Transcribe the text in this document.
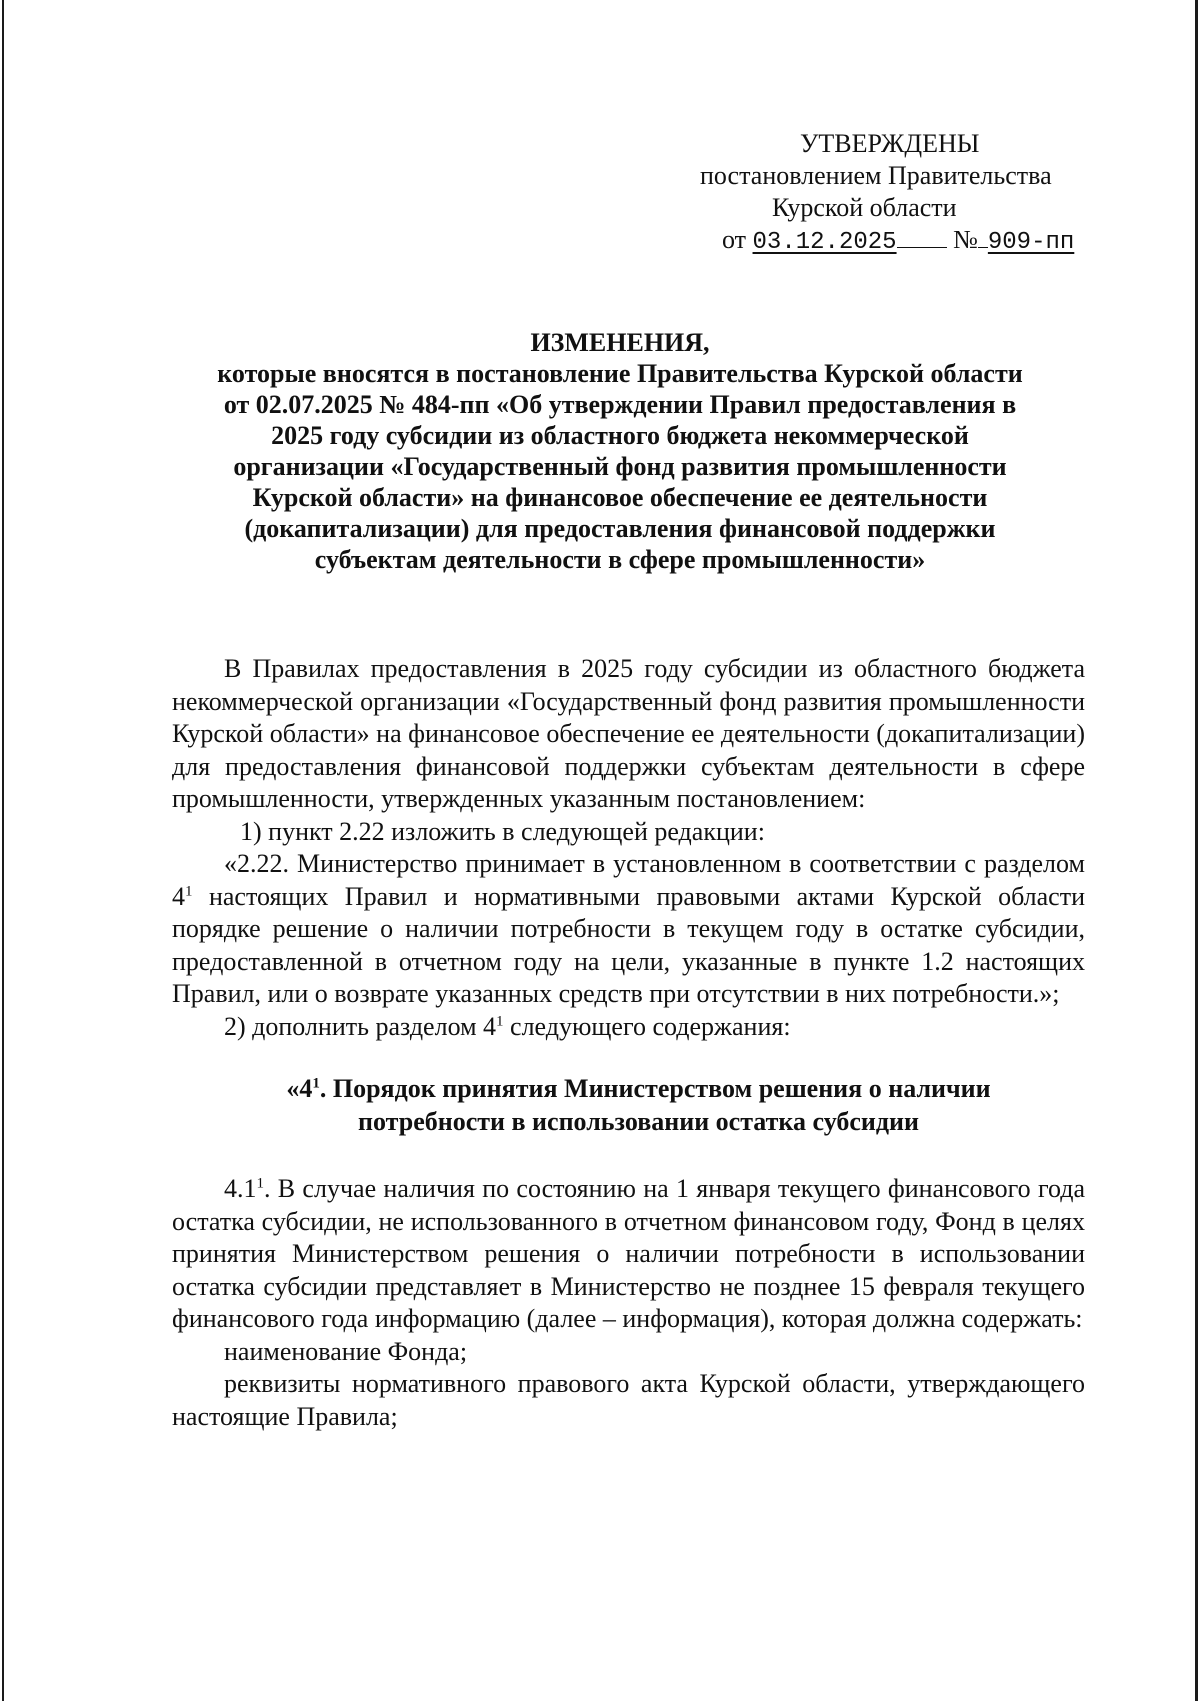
УТВЕРЖДЕНЫ
постановлением Правительства
Курской области
от 03.12.2025 № 909-пп
ИЗМЕНЕНИЯ,
которые вносятся в постановление Правительства Курской области
от 02.07.2025 № 484-пп «Об утверждении Правил предоставления в
2025 году субсидии из областного бюджета некоммерческой
организации «Государственный фонд развития промышленности
Курской области» на финансовое обеспечение ее деятельности
(докапитализации) для предоставления финансовой поддержки
субъектам деятельности в сфере промышленности»

В Правилах предоставления в 2025 году субсидии из областного бюджета некоммерческой организации «Государственный фонд развития промышленности Курской области» на финансовое обеспечение ее деятельности (докапитализации) для предоставления финансовой поддержки субъектам деятельности в сфере промышленности, утвержденных указанным постановлением:

1) пункт 2.22 изложить в следующей редакции:

«2.22. Министерство принимает в установленном в соответствии с разделом $4^1$ настоящих Правил и нормативными правовыми актами Курской области порядке решение о наличии потребности в текущем году в остатке субсидии, предоставленной в отчетном году на цели, указанные в пункте 1.2 настоящих Правил, или о возврате указанных средств при отсутствии в них потребности.»;

2) дополнить разделом $4^1$ следующего содержания:

«$4^1$. Порядок принятия Министерством решения о наличии
потребности в использовании остатка субсидии

$4.1^1$. В случае наличия по состоянию на 1 января текущего финансового года остатка субсидии, не использованного в отчетном финансовом году, Фонд в целях принятия Министерством решения о наличии потребности в использовании остатка субсидии представляет в Министерство не позднее 15 февраля текущего финансового года информацию (далее – информация), которая должна содержать:

наименование Фонда;

реквизиты нормативного правового акта Курской области, утверждающего настоящие Правила;
